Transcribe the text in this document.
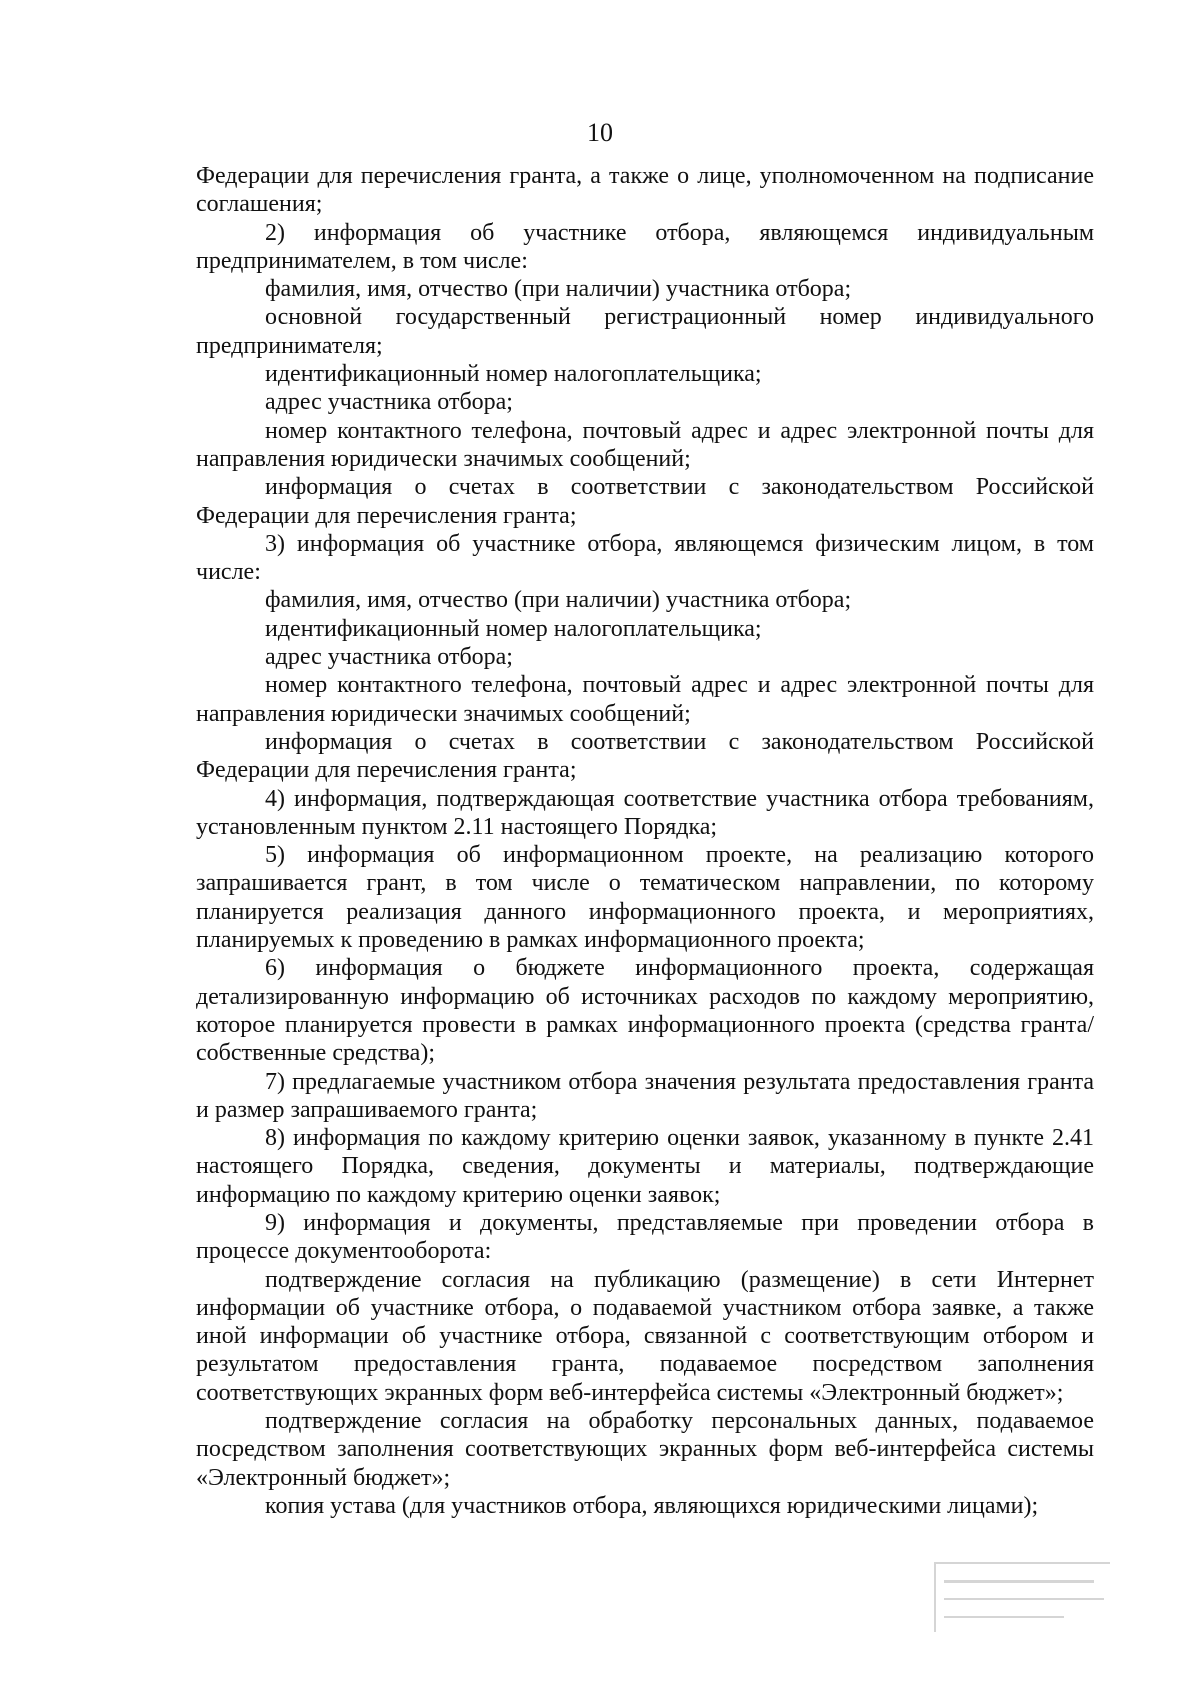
10

Федерации для перечисления гранта, а также о лице, уполномоченном на подписание соглашения;

2) информация об участнике отбора, являющемся индивидуальным предпринимателем, в том числе:

фамилия, имя, отчество (при наличии) участника отбора;

основной государственный регистрационный номер индивидуального предпринимателя;

идентификационный номер налогоплательщика;

адрес участника отбора;

номер контактного телефона, почтовый адрес и адрес электронной почты для направления юридически значимых сообщений;

информация о счетах в соответствии с законодательством Российской Федерации для перечисления гранта;

3) информация об участнике отбора, являющемся физическим лицом, в том числе:

фамилия, имя, отчество (при наличии) участника отбора;

идентификационный номер налогоплательщика;

адрес участника отбора;

номер контактного телефона, почтовый адрес и адрес электронной почты для направления юридически значимых сообщений;

информация о счетах в соответствии с законодательством Российской Федерации для перечисления гранта;

4) информация, подтверждающая соответствие участника отбора требованиям, установленным пунктом 2.11 настоящего Порядка;

5) информация об информационном проекте, на реализацию которого запрашивается грант, в том числе о тематическом направлении, по которому планируется реализация данного информационного проекта, и мероприятиях, планируемых к проведению в рамках информационного проекта;

6) информация о бюджете информационного проекта, содержащая детализированную информацию об источниках расходов по каждому мероприятию, которое планируется провести в рамках информационного проекта (средства гранта/собственные средства);

7) предлагаемые участником отбора значения результата предоставления гранта и размер запрашиваемого гранта;

8) информация по каждому критерию оценки заявок, указанному в пункте 2.41 настоящего Порядка, сведения, документы и материалы, подтверждающие информацию по каждому критерию оценки заявок;

9) информация и документы, представляемые при проведении отбора в процессе документооборота:

подтверждение согласия на публикацию (размещение) в сети Интернет информации об участнике отбора, о подаваемой участником отбора заявке, а также иной информации об участнике отбора, связанной с соответствующим отбором и результатом предоставления гранта, подаваемое посредством заполнения соответствующих экранных форм веб-интерфейса системы «Электронный бюджет»;

подтверждение согласия на обработку персональных данных, подаваемое посредством заполнения соответствующих экранных форм веб-интерфейса системы «Электронный бюджет»;

копия устава (для участников отбора, являющихся юридическими лицами);
